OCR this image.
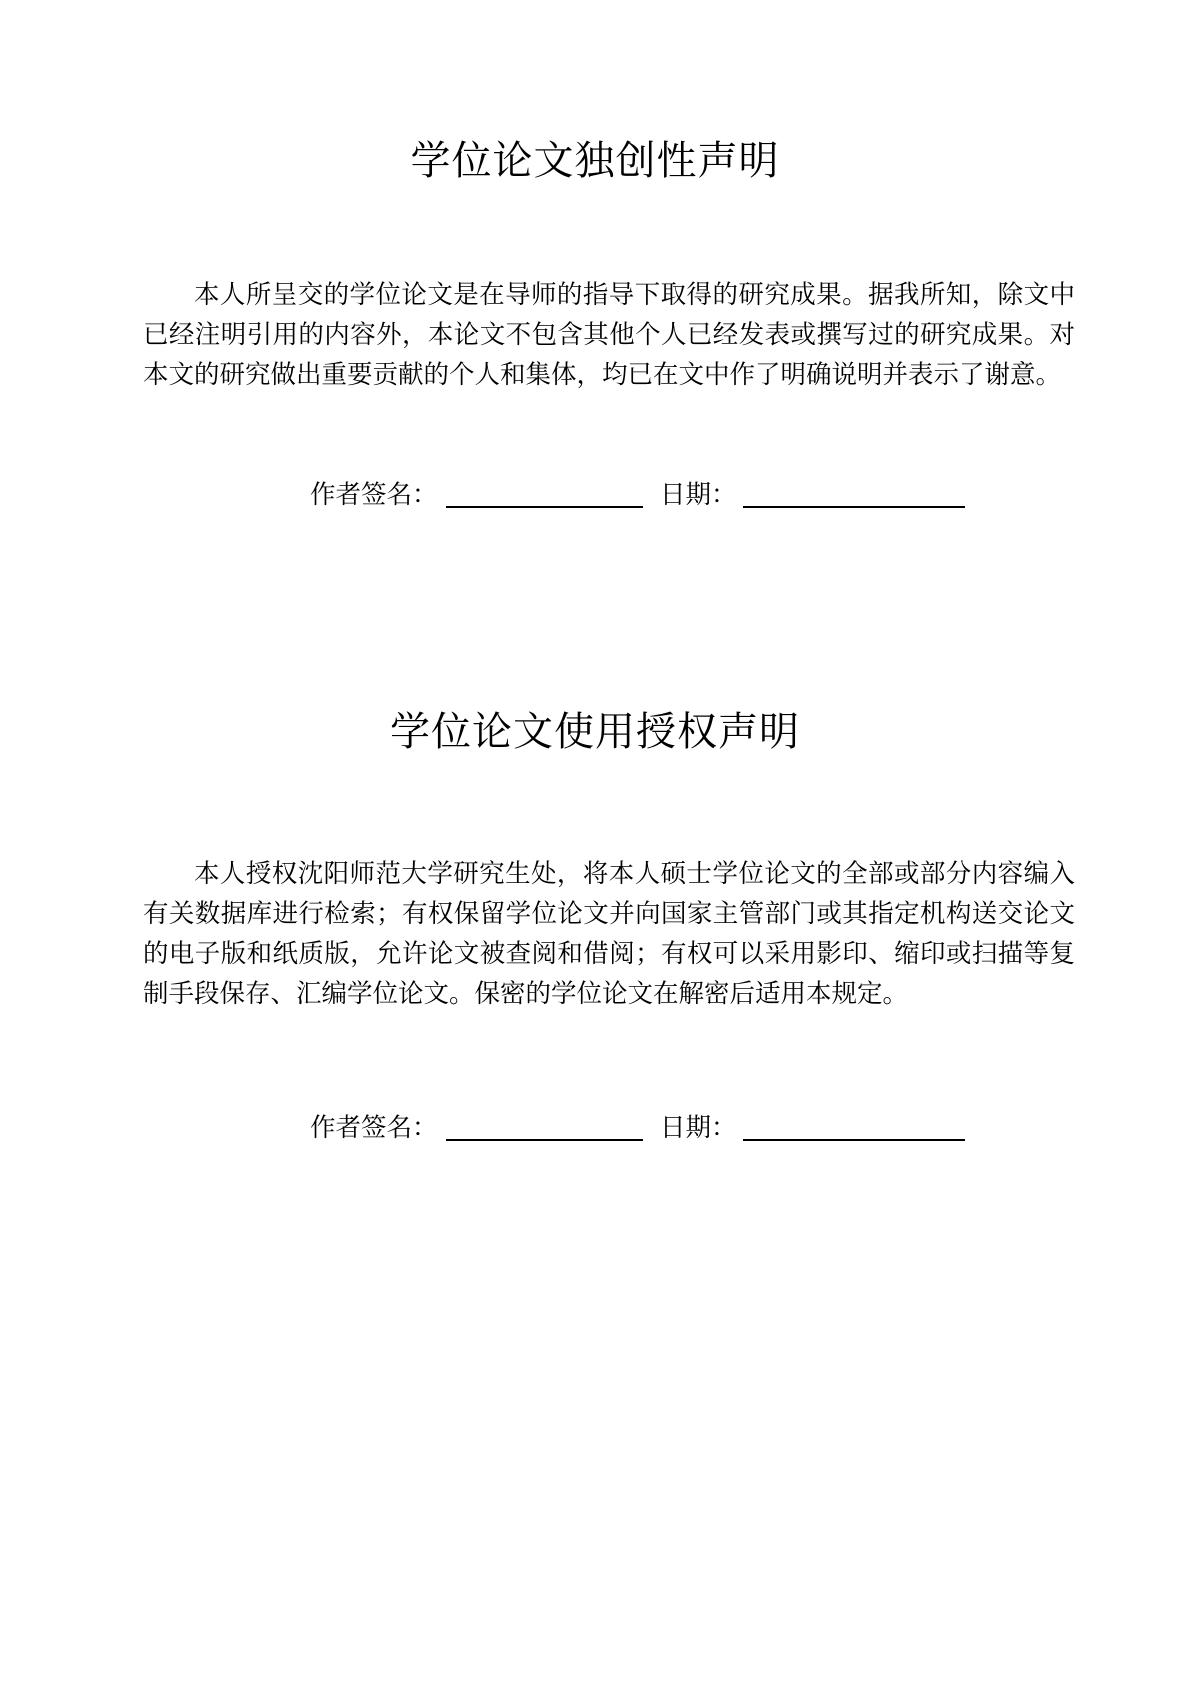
学位论文独创性声明

本人所呈交的学位论文是在导师的指导下取得的研究成果。据我所知，除文中已经注明引用的内容外，本论文不包含其他个人已经发表或撰写过的研究成果。对本文的研究做出重要贡献的个人和集体，均已在文中作了明确说明并表示了谢意。

作者签名：	日期：
学位论文使用授权声明

本人授权沈阳师范大学研究生处，将本人硕士学位论文的全部或部分内容编入有关数据库进行检索；有权保留学位论文并向国家主管部门或其指定机构送交论文的电子版和纸质版，允许论文被查阅和借阅；有权可以采用影印、缩印或扫描等复制手段保存、汇编学位论文。保密的学位论文在解密后适用本规定。

作者签名：	日期：
